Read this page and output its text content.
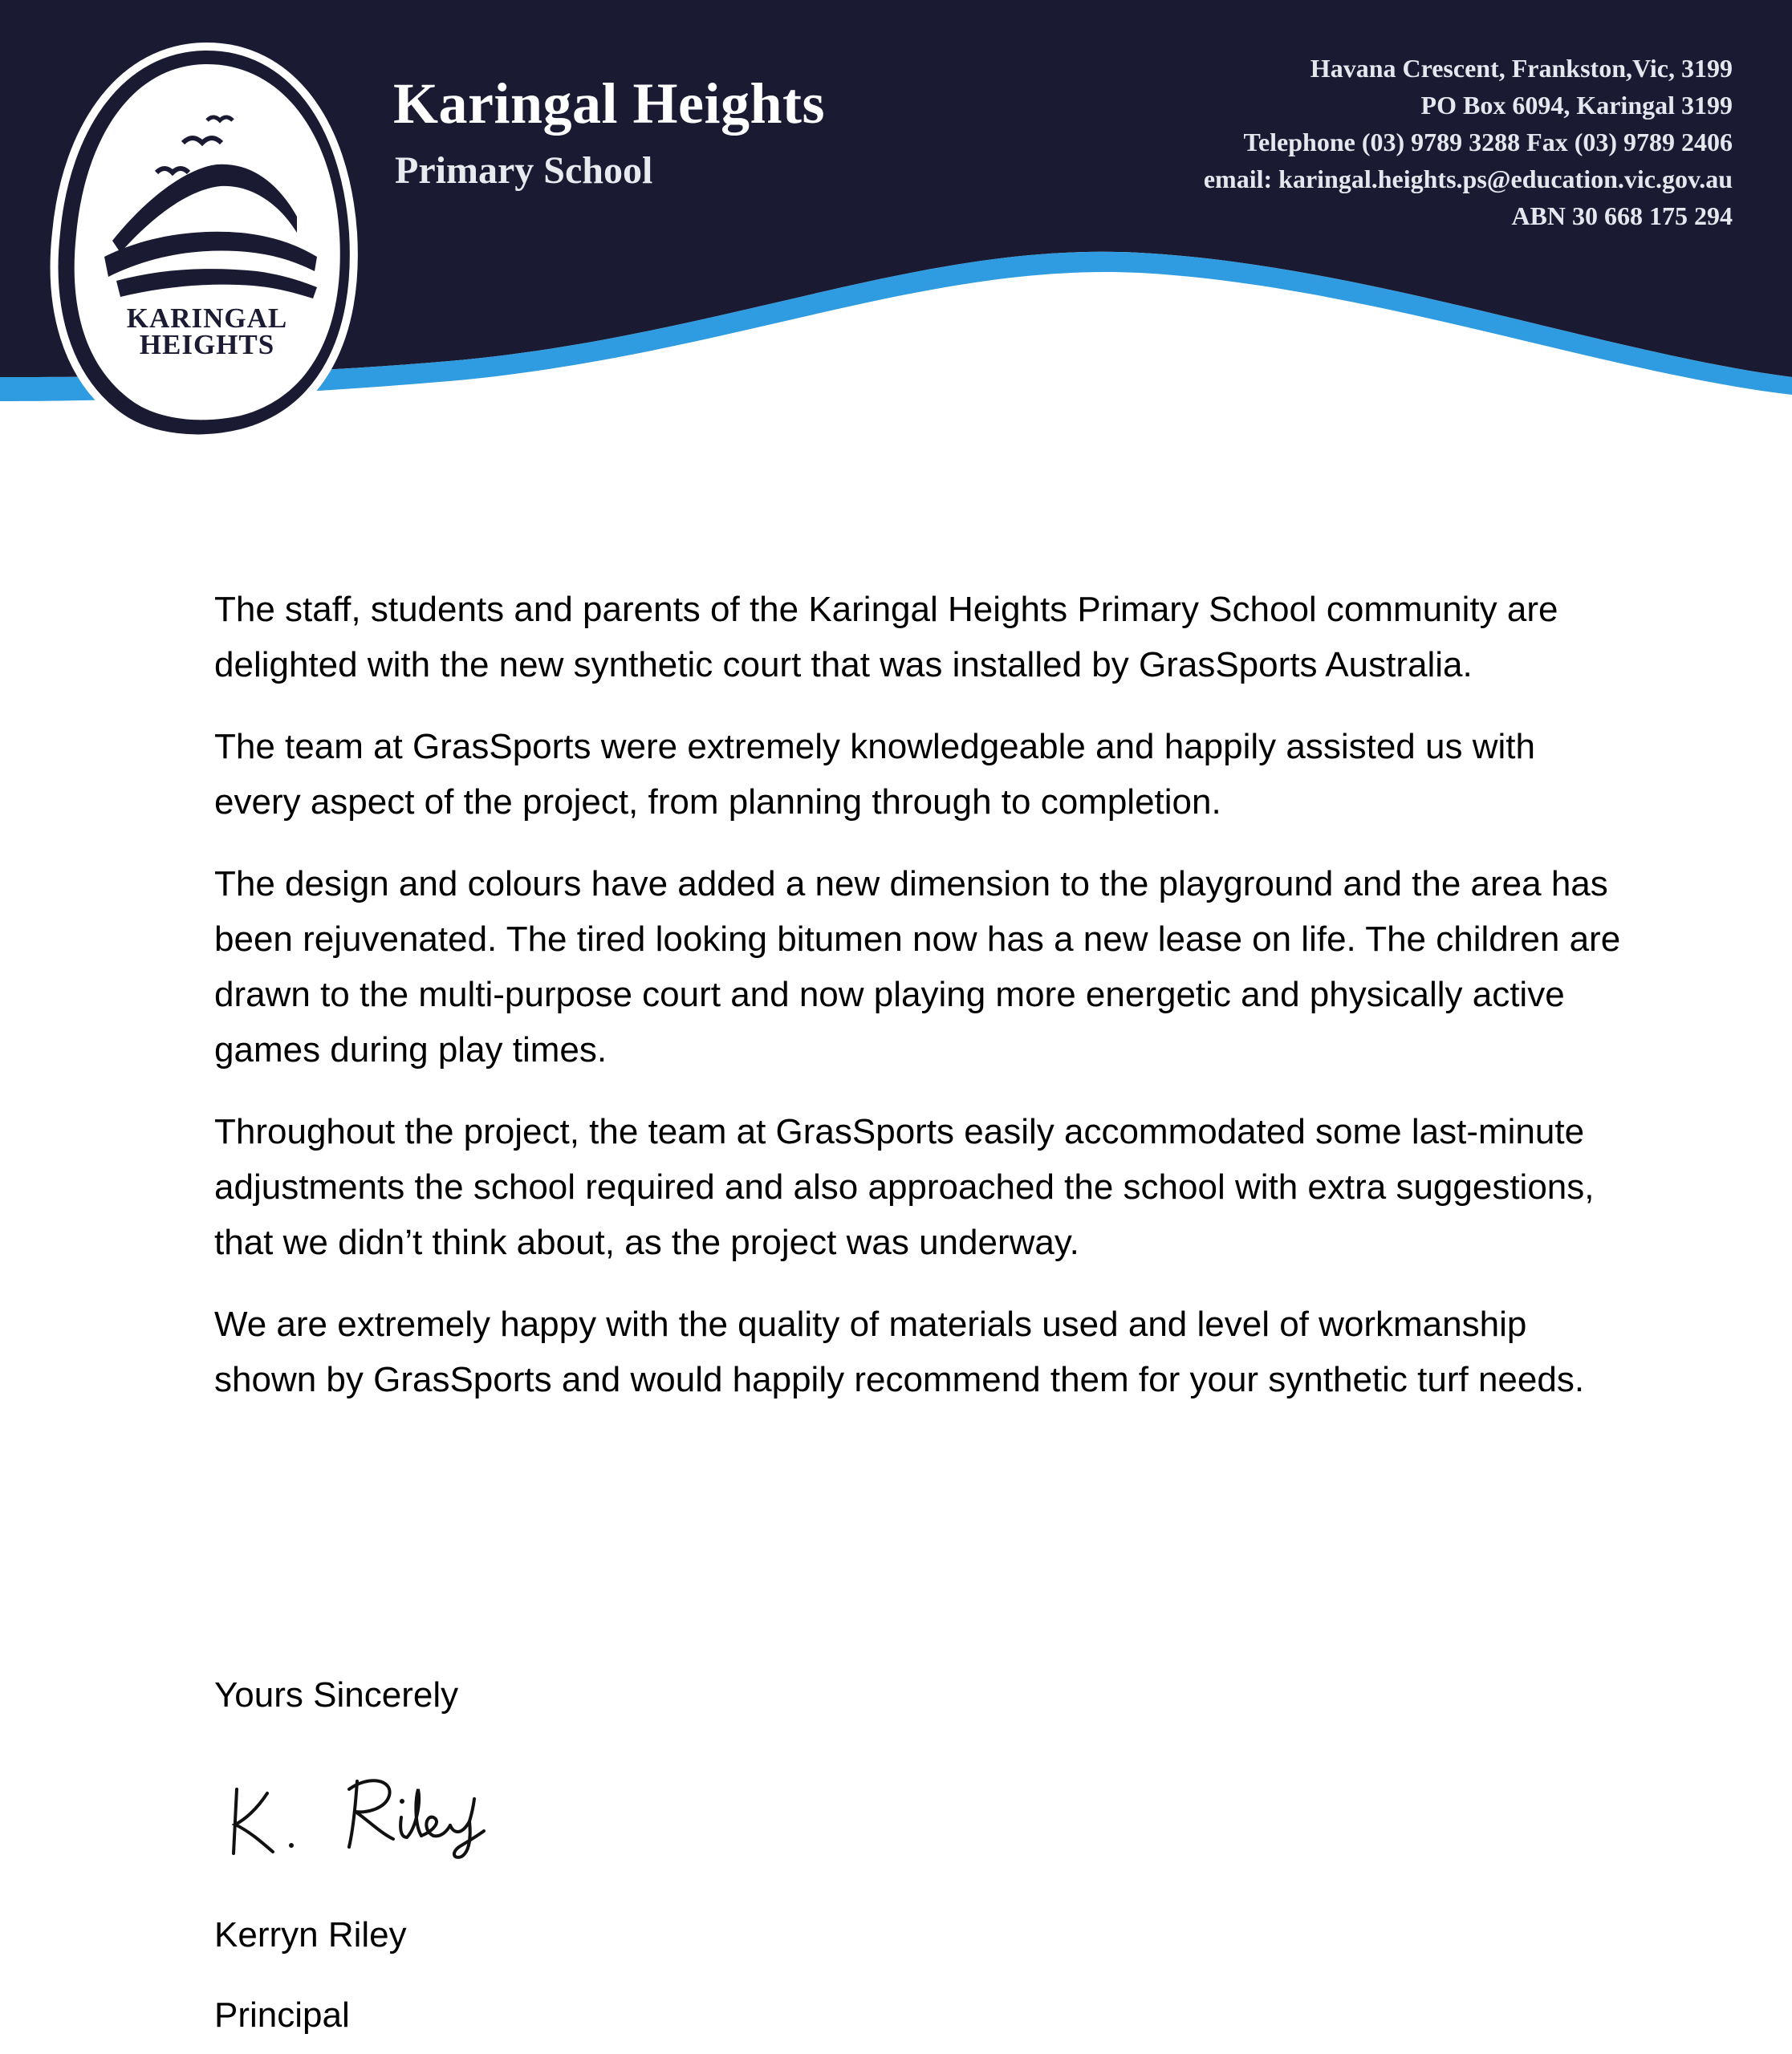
KARINGAL
HEIGHTS
Karingal Heights
Primary School
Havana Crescent, Frankston,Vic, 3199
PO Box 6094, Karingal 3199
Telephone (03) 9789 3288 Fax (03) 9789 2406
email: karingal.heights.ps@education.vic.gov.au
ABN 30 668 175 294

The staff, students and parents of the Karingal Heights Primary School community are delighted with the new synthetic court that was installed by GrasSports Australia.

The team at GrasSports were extremely knowledgeable and happily assisted us with every aspect of the project, from planning through to completion.

The design and colours have added a new dimension to the playground and the area has been rejuvenated. The tired looking bitumen now has a new lease on life. The children are drawn to the multi-purpose court and now playing more energetic and physically active games during play times.

Throughout the project, the team at GrasSports easily accommodated some last-minute adjustments the school required and also approached the school with extra suggestions, that we didn’t think about, as the project was underway.

We are extremely happy with the quality of materials used and level of workmanship shown by GrasSports and would happily recommend them for your synthetic turf needs.

Yours Sincerely
Kerryn Riley
Principal
